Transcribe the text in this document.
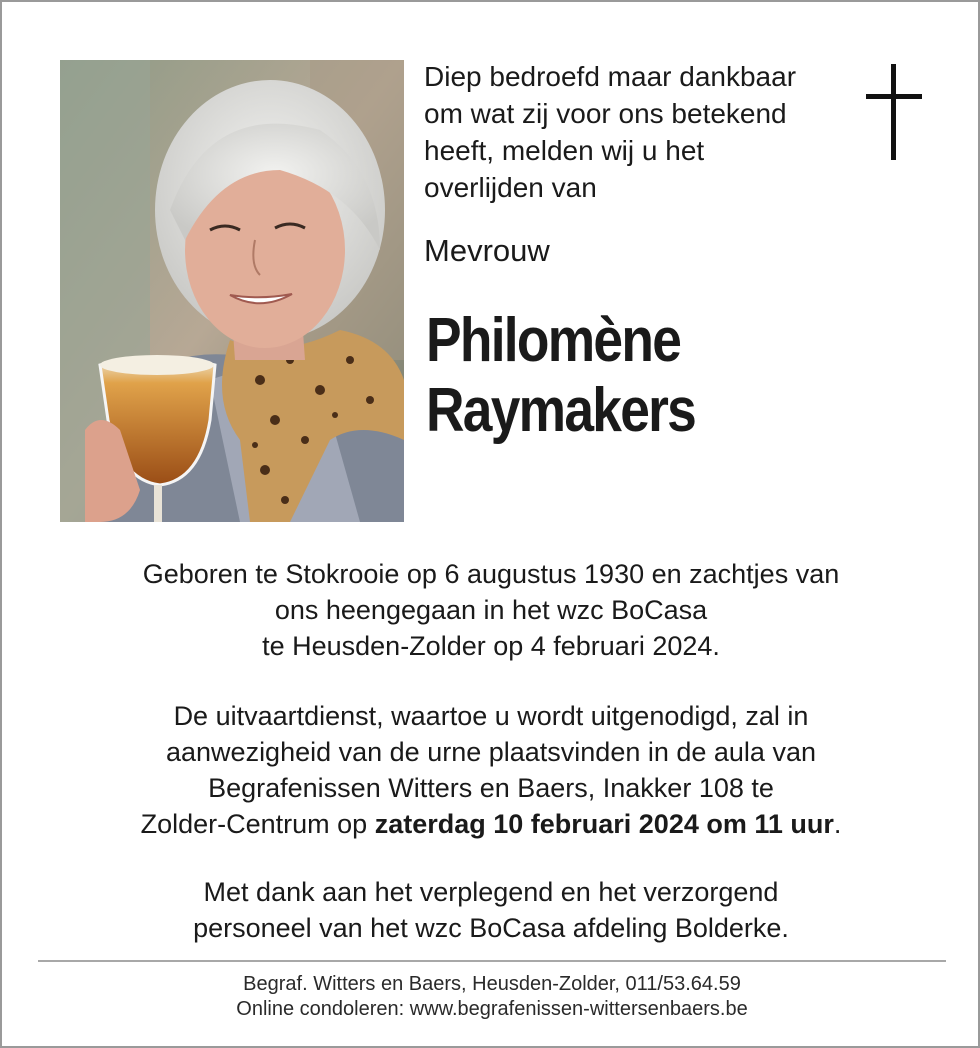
Diep bedroefd maar dankbaar
om wat zij voor ons betekend
heeft, melden wij u het
overlijden van

Mevrouw
Philomène
Raymakers
Geboren te Stokrooie op 6 augustus 1930 en zachtjes van
ons heengegaan in het wzc BoCasa
te Heusden-Zolder op 4 februari 2024.
De uitvaartdienst, waartoe u wordt uitgenodigd, zal in
aanwezigheid van de urne plaatsvinden in de aula van
Begrafenissen Witters en Baers, Inakker 108 te
Zolder-Centrum op zaterdag 10 februari 2024 om 11 uur.
Met dank aan het verplegend en het verzorgend
personeel van het wzc BoCasa afdeling Bolderke.
Begraf. Witters en Baers, Heusden-Zolder, 011/53.64.59
Online condoleren: www.begrafenissen-wittersenbaers.be
